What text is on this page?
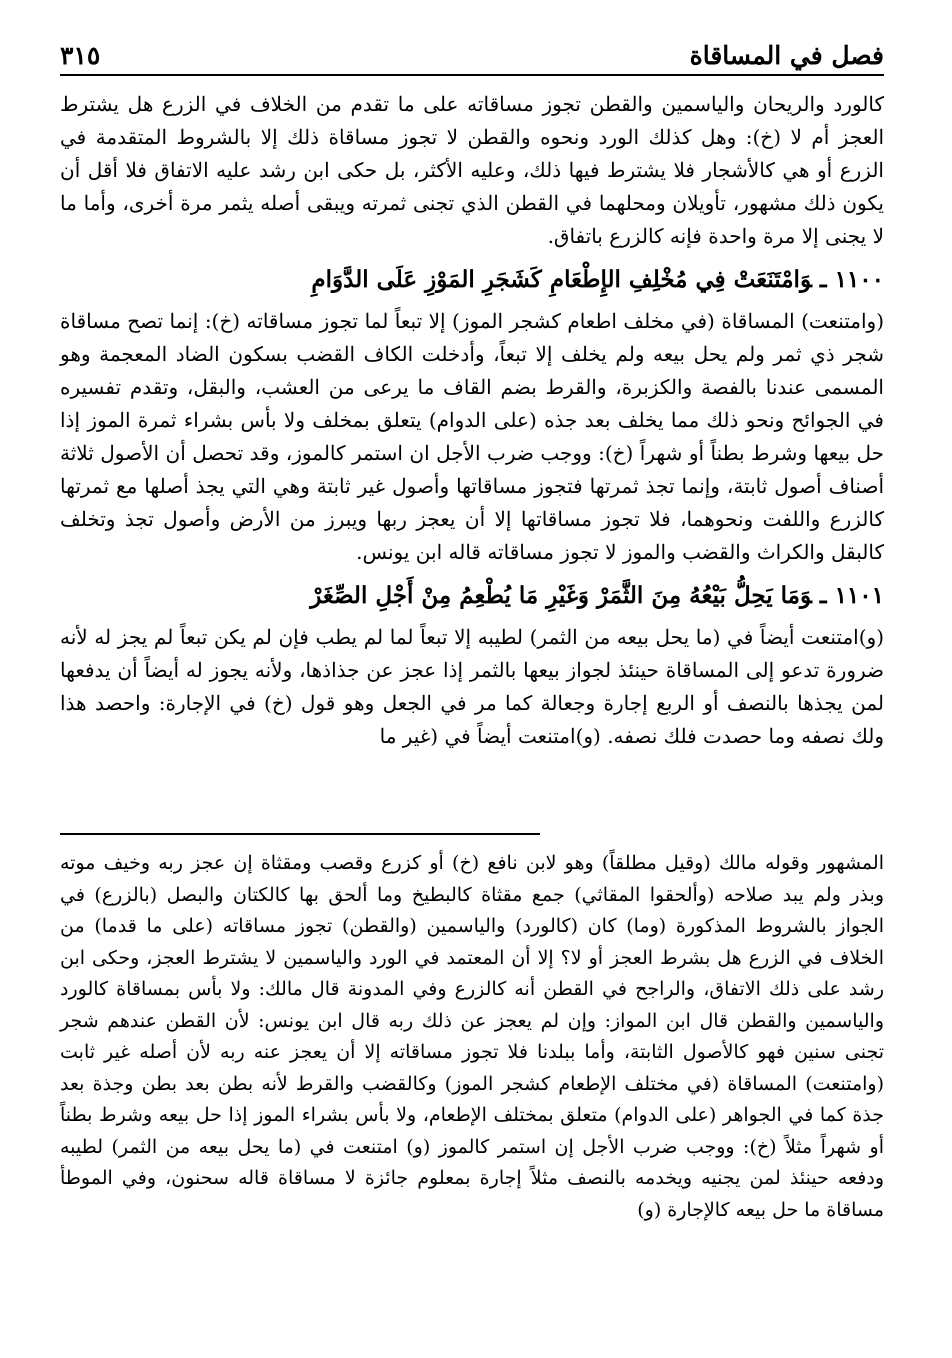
فصل في المساقاة
٣١٥

كالورد والريحان والياسمين والقطن تجوز مساقاته على ما تقدم من الخلاف في الزرع هل يشترط العجز أم لا (خ): وهل كذلك الورد ونحوه والقطن لا تجوز مساقاة ذلك إلا بالشروط المتقدمة في الزرع أو هي كالأشجار فلا يشترط فيها ذلك، وعليه الأكثر، بل حكى ابن رشد عليه الاتفاق فلا أقل أن يكون ذلك مشهور، تأويلان ومحلهما في القطن الذي تجنى ثمرته ويبقى أصله يثمر مرة أخرى، وأما ما لا يجنى إلا مرة واحدة فإنه كالزرع باتفاق.

١١٠٠ ـوَامْتَنَعَتْ فِي مُخْلِفِ الإِطْعَامِ كَشَجَرِ المَوْزِ عَلَى الدَّوَامِ

(وامتنعت) المساقاة (في مخلف اطعام كشجر الموز) إلا تبعاً لما تجوز مساقاته (خ): إنما تصح مساقاة شجر ذي ثمر ولم يحل بيعه ولم يخلف إلا تبعاً، وأدخلت الكاف القضب بسكون الضاد المعجمة وهو المسمى عندنا بالفصة والكزبرة، والقرط بضم القاف ما يرعى من العشب، والبقل، وتقدم تفسيره في الجوائح ونحو ذلك مما يخلف بعد جذه (على الدوام) يتعلق بمخلف ولا بأس بشراء ثمرة الموز إذا حل بيعها وشرط بطناً أو شهراً (خ): ووجب ضرب الأجل ان استمر كالموز، وقد تحصل أن الأصول ثلاثة أصناف أصول ثابتة، وإنما تجذ ثمرتها فتجوز مساقاتها وأصول غير ثابتة وهي التي يجذ أصلها مع ثمرتها كالزرع واللفت ونحوهما، فلا تجوز مساقاتها إلا أن يعجز ربها ويبرز من الأرض وأصول تجذ وتخلف كالبقل والكراث والقضب والموز لا تجوز مساقاته قاله ابن يونس.

١١٠١ ـوَمَا يَحِلُّ بَيْعُهُ مِنَ الثَّمَرْ وَغَيْرِ مَا يُطْعِمُ مِنْ أَجْلِ الصِّغَرْ

(و)امتنعت أيضاً في (ما يحل بيعه من الثمر) لطيبه إلا تبعاً لما لم يطب فإن لم يكن تبعاً لم يجز له لأنه ضرورة تدعو إلى المساقاة حينئذ لجواز بيعها بالثمر إذا عجز عن جذاذها، ولأنه يجوز له أيضاً أن يدفعها لمن يجذها بالنصف أو الربع إجارة وجعالة كما مر في الجعل وهو قول (خ) في الإجارة: واحصد هذا ولك نصفه وما حصدت فلك نصفه. (و)امتنعت أيضاً في (غير ما

المشهور وقوله مالك (وقيل مطلقاً) وهو لابن نافع (خ) أو كزرع وقصب ومقثاة إن عجز ربه وخيف موته وبذر ولم يبد صلاحه (وألحقوا المقاثي) جمع مقثاة كالبطيخ وما ألحق بها كالكتان والبصل (بالزرع) في الجواز بالشروط المذكورة (وما) كان (كالورد) والياسمين (والقطن) تجوز مساقاته (على ما قدما) من الخلاف في الزرع هل بشرط العجز أو لا؟ إلا أن المعتمد في الورد والياسمين لا يشترط العجز، وحكى ابن رشد على ذلك الاتفاق، والراجح في القطن أنه كالزرع وفي المدونة قال مالك: ولا بأس بمساقاة كالورد والياسمين والقطن قال ابن المواز: وإن لم يعجز عن ذلك ربه قال ابن يونس: لأن القطن عندهم شجر تجنى سنين فهو كالأصول الثابتة، وأما ببلدنا فلا تجوز مساقاته إلا أن يعجز عنه ربه لأن أصله غير ثابت (وامتنعت) المساقاة (في مختلف الإطعام كشجر الموز) وكالقضب والقرط لأنه بطن بعد بطن وجذة بعد جذة كما في الجواهر (على الدوام) متعلق بمختلف الإطعام، ولا بأس بشراء الموز إذا حل بيعه وشرط بطناً أو شهراً مثلاً (خ): ووجب ضرب الأجل إن استمر كالموز (و) امتنعت في (ما يحل بيعه من الثمر) لطيبه ودفعه حينئذ لمن يجنيه ويخدمه بالنصف مثلاً إجارة بمعلوم جائزة لا مساقاة قاله سحنون، وفي الموطأ مساقاة ما حل بيعه كالإجارة (و)
